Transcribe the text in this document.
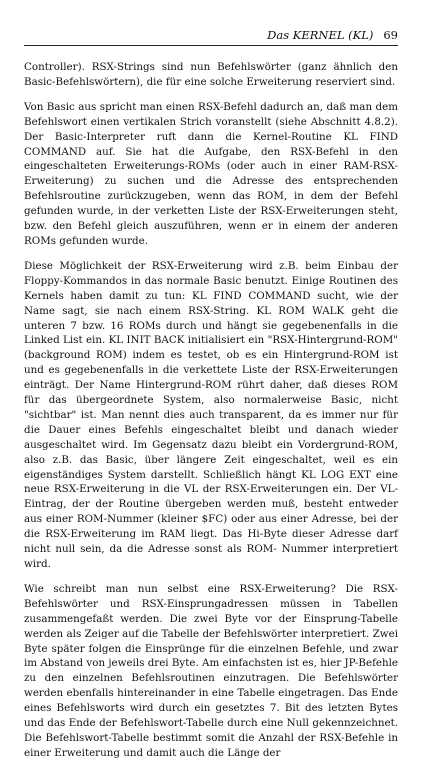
Das KERNEL (KL) 69

Controller). RSX-Strings sind nun Befehlswörter (ganz ähnlich den Basic-Befehlswörtern), die für eine solche Erweiterung reserviert sind.

Von Basic aus spricht man einen RSX-Befehl dadurch an, daß man dem Befehlswort einen vertikalen Strich voranstellt (siehe Abschnitt 4.8.2). Der Basic-Interpreter ruft dann die Kernel-Routine KL FIND COMMAND auf. Sie hat die Aufgabe, den RSX-Befehl in den eingeschalteten Erweiterungs-ROMs (oder auch in einer RAM-RSX-Erweiterung) zu suchen und die Adresse des entsprechenden Befehlsroutine zurückzugeben, wenn das ROM, in dem der Befehl gefunden wurde, in der verketten Liste der RSX-Erweiterungen steht, bzw. den Befehl gleich auszuführen, wenn er in einem der anderen ROMs gefunden wurde.

Diese Möglichkeit der RSX-Erweiterung wird z.B. beim Einbau der Floppy-Kommandos in das normale Basic benutzt. Einige Routinen des Kernels haben damit zu tun: KL FIND COMMAND sucht, wie der Name sagt, sie nach einem RSX-String. KL ROM WALK geht die unteren 7 bzw. 16 ROMs durch und hängt sie gegebenenfalls in die Linked List ein. KL INIT BACK initialisiert ein "RSX-Hintergrund-ROM" (background ROM) indem es testet, ob es ein Hintergrund-ROM ist und es gegebenenfalls in die verkettete Liste der RSX-Erweiterungen einträgt. Der Name Hintergrund-ROM rührt daher, daß dieses ROM für das übergeordnete System, also normalerweise Basic, nicht "sichtbar" ist. Man nennt dies auch transparent, da es immer nur für die Dauer eines Befehls eingeschaltet bleibt und danach wieder ausgeschaltet wird. Im Gegensatz dazu bleibt ein Vordergrund-ROM, also z.B. das Basic, über längere Zeit eingeschaltet, weil es ein eigenständiges System darstellt. Schließlich hängt KL LOG EXT eine neue RSX-Erweiterung in die VL der RSX-Erweiterungen ein. Der VL-Eintrag, der der Routine übergeben werden muß, besteht entweder aus einer ROM-Nummer (kleiner $FC) oder aus einer Adresse, bei der die RSX-Erweiterung im RAM liegt. Das Hi-Byte dieser Adresse darf nicht null sein, da die Adresse sonst als ROM- Nummer interpretiert wird.

Wie schreibt man nun selbst eine RSX-Erweiterung? Die RSX-Befehlswörter und RSX-Einsprungadressen müssen in Tabellen zusammengefaßt werden. Die zwei Byte vor der Einsprung-Tabelle werden als Zeiger auf die Tabelle der Befehlswörter interpretiert. Zwei Byte später folgen die Einsprünge für die einzelnen Befehle, und zwar im Abstand von jeweils drei Byte. Am einfachsten ist es, hier JP-Befehle zu den einzelnen Befehlsroutinen einzutragen. Die Befehlswörter werden ebenfalls hintereinander in eine Tabelle eingetragen. Das Ende eines Befehlsworts wird durch ein gesetztes 7. Bit des letzten Bytes und das Ende der Befehlswort-Tabelle durch eine Null gekennzeichnet. Die Befehlswort-Tabelle bestimmt somit die Anzahl der RSX-Befehle in einer Erweiterung und damit auch die Länge der
